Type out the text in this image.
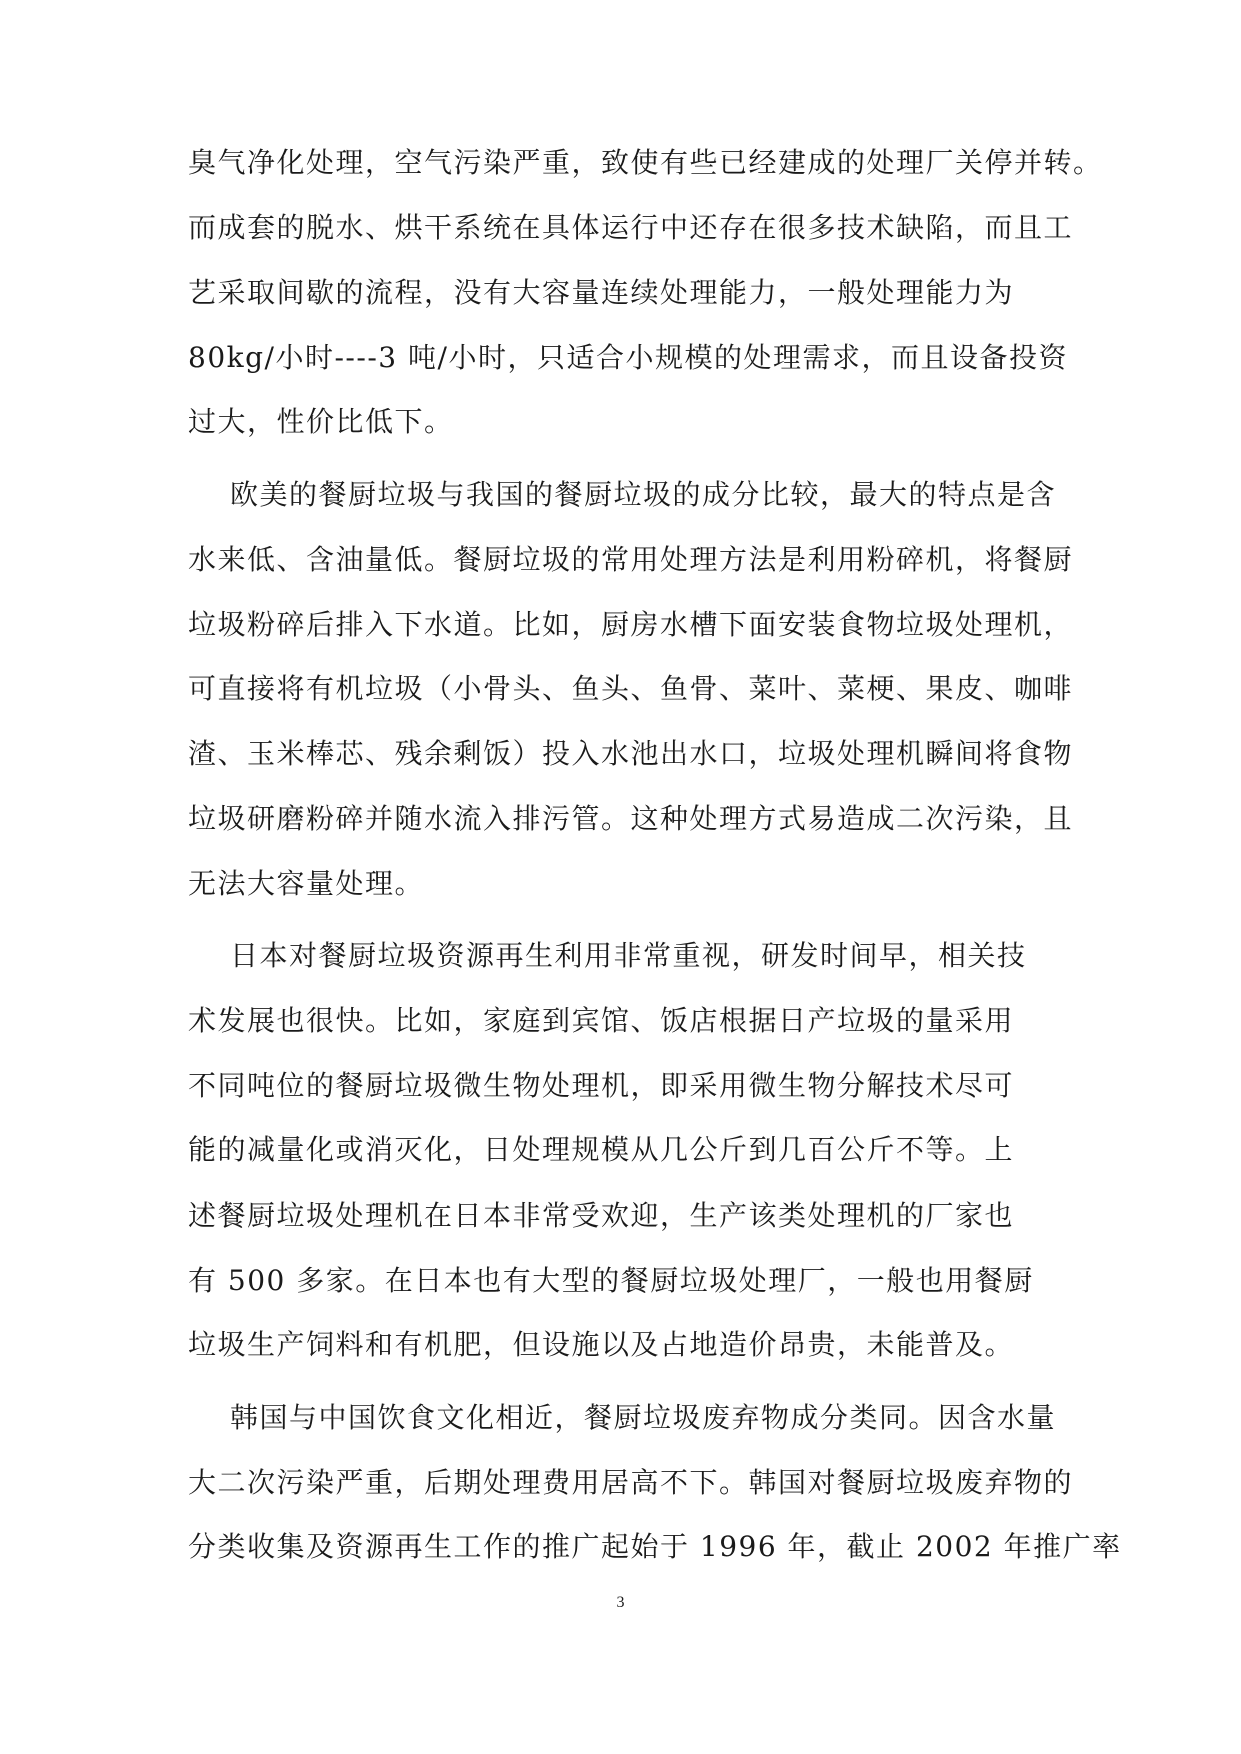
臭气净化处理，空气污染严重，致使有些已经建成的处理厂关停并转。
而成套的脱水、烘干系统在具体运行中还存在很多技术缺陷，而且工
艺采取间歇的流程，没有大容量连续处理能力，一般处理能力为
80kg/小时----3 吨/小时，只适合小规模的处理需求，而且设备投资
过大，性价比低下。
欧美的餐厨垃圾与我国的餐厨垃圾的成分比较，最大的特点是含
水来低、含油量低。餐厨垃圾的常用处理方法是利用粉碎机，将餐厨
垃圾粉碎后排入下水道。比如，厨房水槽下面安装食物垃圾处理机，
可直接将有机垃圾（小骨头、鱼头、鱼骨、菜叶、菜梗、果皮、咖啡
渣、玉米棒芯、残余剩饭）投入水池出水口，垃圾处理机瞬间将食物
垃圾研磨粉碎并随水流入排污管。这种处理方式易造成二次污染，且
无法大容量处理。
日本对餐厨垃圾资源再生利用非常重视，研发时间早，相关技
术发展也很快。比如，家庭到宾馆、饭店根据日产垃圾的量采用
不同吨位的餐厨垃圾微生物处理机，即采用微生物分解技术尽可
能的减量化或消灭化，日处理规模从几公斤到几百公斤不等。上
述餐厨垃圾处理机在日本非常受欢迎，生产该类处理机的厂家也
有 500 多家。在日本也有大型的餐厨垃圾处理厂，一般也用餐厨
垃圾生产饲料和有机肥，但设施以及占地造价昂贵，未能普及。
韩国与中国饮食文化相近，餐厨垃圾废弃物成分类同。因含水量
大二次污染严重，后期处理费用居高不下。韩国对餐厨垃圾废弃物的
分类收集及资源再生工作的推广起始于 1996 年，截止 2002 年推广率
3
